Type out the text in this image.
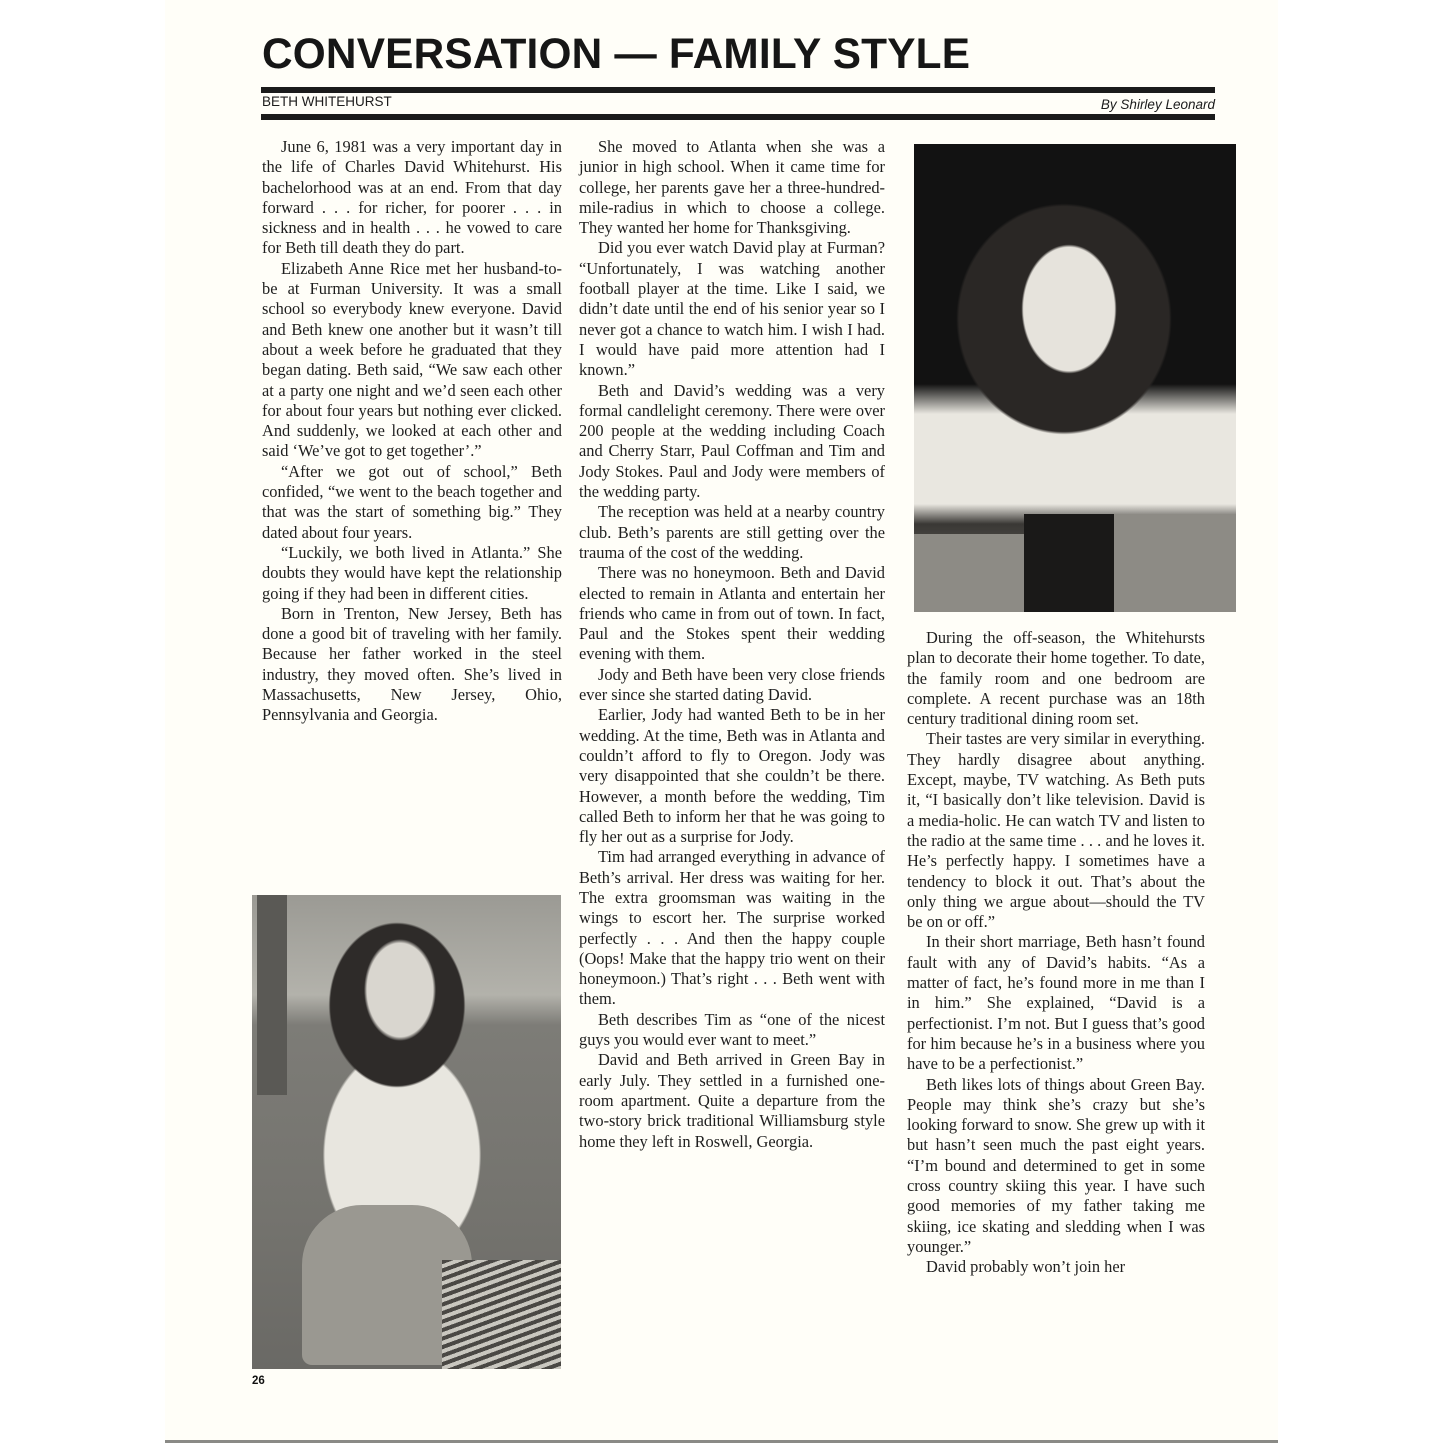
CONVERSATION — FAMILY STYLE
BETH WHITEHURST	By Shirley Leonard

June 6, 1981 was a very important day in the life of Charles David Whitehurst. His bachelorhood was at an end. From that day forward . . . for richer, for poorer . . . in sickness and in health . . . he vowed to care for Beth till death they do part.

Elizabeth Anne Rice met her husband-to-be at Furman University. It was a small school so everybody knew everyone. David and Beth knew one another but it wasn’t till about a week before he graduated that they began dating. Beth said, “We saw each other at a party one night and we’d seen each other for about four years but nothing ever clicked. And suddenly, we looked at each other and said ‘We’ve got to get together’.”

“After we got out of school,” Beth confided, “we went to the beach together and that was the start of something big.” They dated about four years.

“Luckily, we both lived in Atlanta.” She doubts they would have kept the relationship going if they had been in different cities.

Born in Trenton, New Jersey, Beth has done a good bit of traveling with her family. Because her father worked in the steel industry, they moved often. She’s lived in Massachusetts, New Jersey, Ohio, Pennsylvania and Georgia.

She moved to Atlanta when she was a junior in high school. When it came time for college, her parents gave her a three-hundred-mile-radius in which to choose a college. They wanted her home for Thanksgiving.

Did you ever watch David play at Furman? “Unfortunately, I was watching another football player at the time. Like I said, we didn’t date until the end of his senior year so I never got a chance to watch him. I wish I had. I would have paid more attention had I known.”

Beth and David’s wedding was a very formal candlelight ceremony. There were over 200 people at the wedding including Coach and Cherry Starr, Paul Coffman and Tim and Jody Stokes. Paul and Jody were members of the wedding party.

The reception was held at a nearby country club. Beth’s parents are still getting over the trauma of the cost of the wedding.

There was no honeymoon. Beth and David elected to remain in Atlanta and entertain her friends who came in from out of town. In fact, Paul and the Stokes spent their wedding evening with them.

Jody and Beth have been very close friends ever since she started dating David.

Earlier, Jody had wanted Beth to be in her wedding. At the time, Beth was in Atlanta and couldn’t afford to fly to Oregon. Jody was very disappointed that she couldn’t be there. However, a month before the wedding, Tim called Beth to inform her that he was going to fly her out as a surprise for Jody.

Tim had arranged everything in advance of Beth’s arrival. Her dress was waiting for her. The extra groomsman was waiting in the wings to escort her. The surprise worked perfectly . . . And then the happy couple (Oops! Make that the happy trio went on their honeymoon.) That’s right . . . Beth went with them.

Beth describes Tim as “one of the nicest guys you would ever want to meet.”

David and Beth arrived in Green Bay in early July. They settled in a furnished one-room apartment. Quite a departure from the two-story brick traditional Williamsburg style home they left in Roswell, Georgia.

During the off-season, the Whitehursts plan to decorate their home together. To date, the family room and one bedroom are complete. A recent purchase was an 18th century traditional dining room set.

Their tastes are very similar in everything. They hardly disagree about anything. Except, maybe, TV watching. As Beth puts it, “I basically don’t like television. David is a media-holic. He can watch TV and listen to the radio at the same time . . . and he loves it. He’s perfectly happy. I sometimes have a tendency to block it out. That’s about the only thing we argue about—should the TV be on or off.”

In their short marriage, Beth hasn’t found fault with any of David’s habits. “As a matter of fact, he’s found more in me than I in him.” She explained, “David is a perfectionist. I’m not. But I guess that’s good for him because he’s in a business where you have to be a perfectionist.”

Beth likes lots of things about Green Bay. People may think she’s crazy but she’s looking forward to snow. She grew up with it but hasn’t seen much the past eight years. “I’m bound and determined to get in some cross country skiing this year. I have such good memories of my father taking me skiing, ice skating and sledding when I was younger.”

David probably won’t join her

26
